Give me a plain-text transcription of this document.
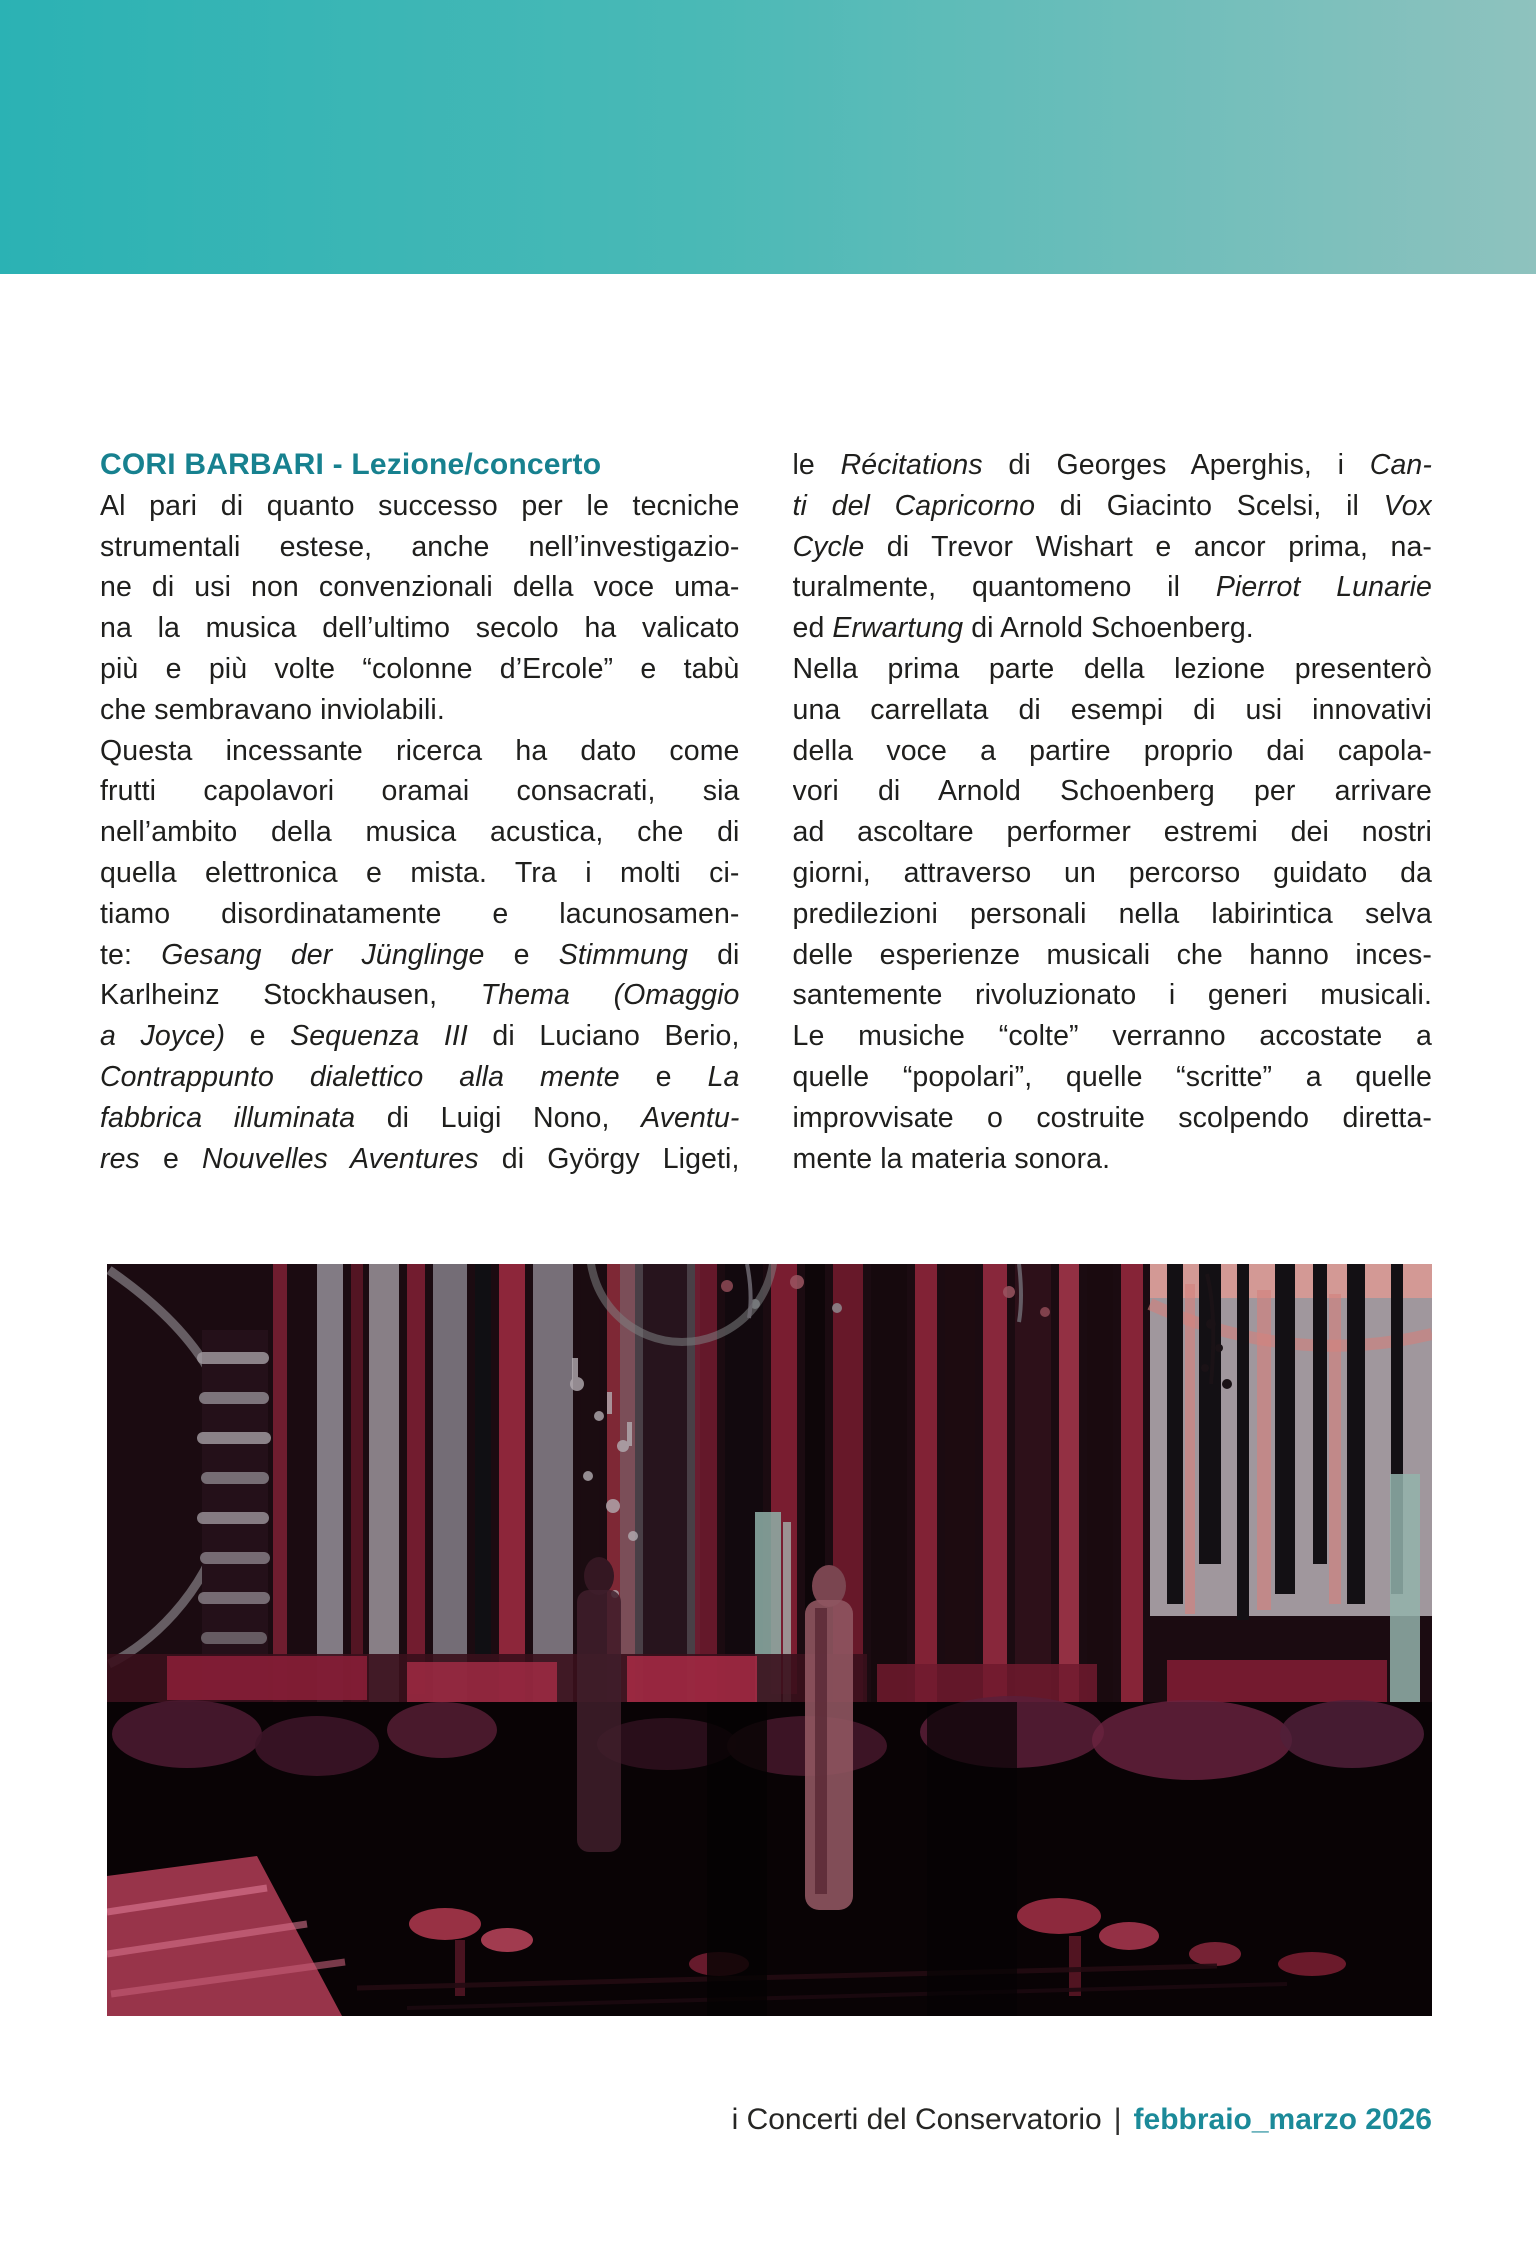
CORI BARBARI - Lezione/concerto
Al pari di quanto successo per le tecniche
strumentali estese, anche nell’investigazio-
ne di usi non convenzionali della voce uma-
na la musica dell’ultimo secolo ha valicato
più e più volte “colonne d’Ercole” e tabù
che sembravano inviolabili.
Questa incessante ricerca ha dato come
frutti capolavori oramai consacrati, sia
nell’ambito della musica acustica, che di
quella elettronica e mista. Tra i molti ci-
tiamo disordinatamente e lacunosamen-
te: Gesang der Jünglinge e Stimmung di
Karlheinz Stockhausen, Thema (Omaggio
a Joyce) e Sequenza III di Luciano Berio,
Contrappunto dialettico alla mente e La
fabbrica illuminata di Luigi Nono, Aventu-
res e Nouvelles Aventures di György Ligeti,
le Récitations di Georges Aperghis, i Can-
ti del Capricorno di Giacinto Scelsi, il Vox
Cycle di Trevor Wishart e ancor prima, na-
turalmente, quantomeno il Pierrot Lunarie
ed Erwartung di Arnold Schoenberg.
Nella prima parte della lezione presenterò
una carrellata di esempi di usi innovativi
della voce a partire proprio dai capola-
vori di Arnold Schoenberg per arrivare
ad ascoltare performer estremi dei nostri
giorni, attraverso un percorso guidato da
predilezioni personali nella labirintica selva
delle esperienze musicali che hanno inces-
santemente rivoluzionato i generi musicali.
Le musiche “colte” verranno accostate a
quelle “popolari”, quelle “scritte” a quelle
improvvisate o costruite scolpendo diretta-
mente la materia sonora.
i Concerti del Conservatorio | febbraio_marzo 2026
